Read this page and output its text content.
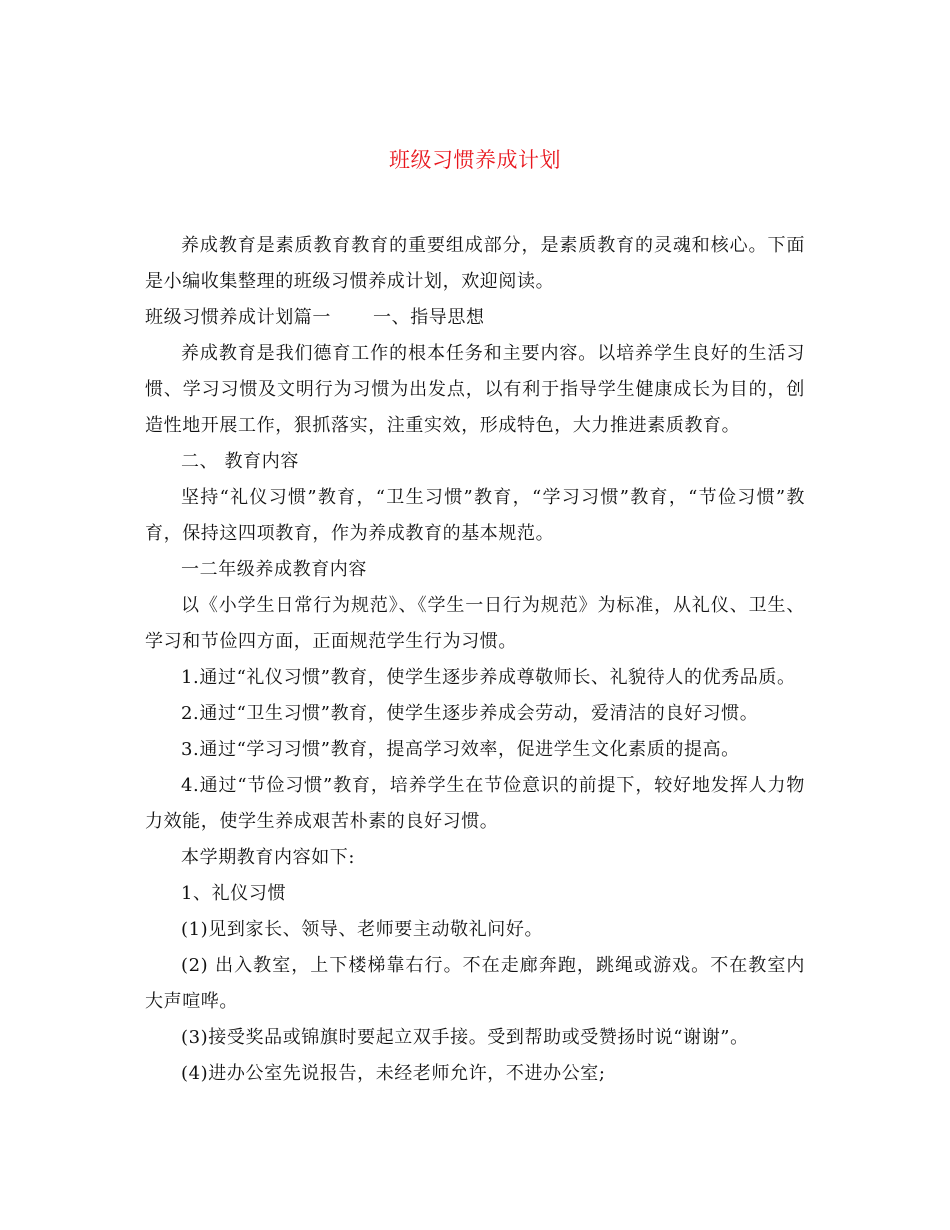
班级习惯养成计划

养成教育是素质教育教育的重要组成部分，是素质教育的灵魂和核心。下面是小编收集整理的班级习惯养成计划，欢迎阅读。

班级习惯养成计划篇一 一、指导思想

养成教育是我们德育工作的根本任务和主要内容。以培养学生良好的生活习惯、学习习惯及文明行为习惯为出发点，以有利于指导学生健康成长为目的，创造性地开展工作，狠抓落实，注重实效，形成特色，大力推进素质教育。

二、 教育内容

坚持“礼仪习惯”教育，“卫生习惯”教育，“学习习惯”教育，“节俭习惯”教育，保持这四项教育，作为养成教育的基本规范。

一二年级养成教育内容

以《小学生日常行为规范》、《学生一日行为规范》为标准，从礼仪、卫生、学习和节俭四方面，正面规范学生行为习惯。

1.通过“礼仪习惯”教育，使学生逐步养成尊敬师长、礼貌待人的优秀品质。

2.通过“卫生习惯”教育，使学生逐步养成会劳动，爱清洁的良好习惯。

3.通过“学习习惯”教育，提高学习效率，促进学生文化素质的提高。

4.通过“节俭习惯”教育，培养学生在节俭意识的前提下，较好地发挥人力物力效能，使学生养成艰苦朴素的良好习惯。

本学期教育内容如下:

1、礼仪习惯

(1)见到家长、领导、老师要主动敬礼问好。

(2) 出入教室，上下楼梯靠右行。不在走廊奔跑，跳绳或游戏。不在教室内大声喧哗。

(3)接受奖品或锦旗时要起立双手接。受到帮助或受赞扬时说“谢谢”。

(4)进办公室先说报告，未经老师允许，不进办公室;
